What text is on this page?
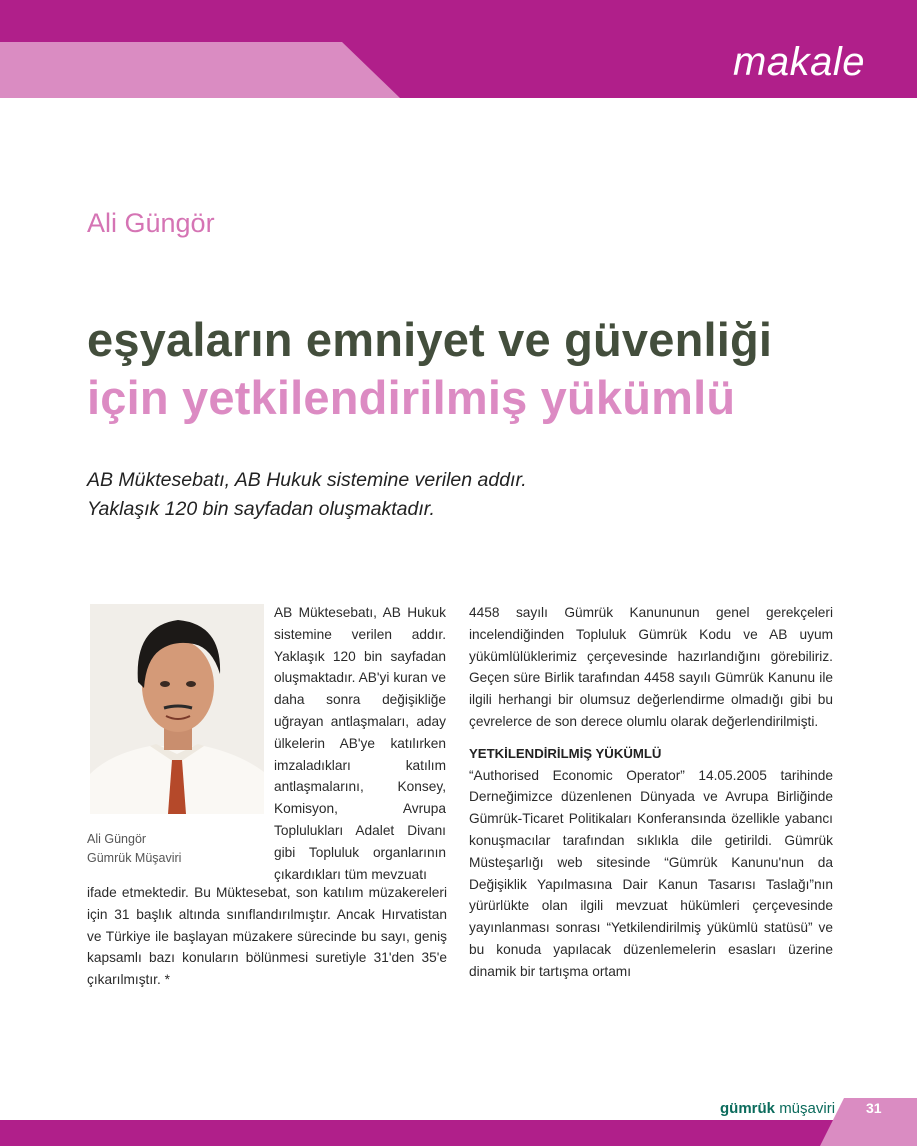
makale
Ali Güngör
eşyaların emniyet ve güvenliği
için yetkilendirilmiş yükümlü
AB Müktesebatı, AB Hukuk sistemine verilen addır.
Yaklaşık 120 bin sayfadan oluşmaktadır.
Ali Güngör
Gümrük Müşaviri
AB Müktesebatı, AB Hukuk sistemine verilen addır. Yaklaşık 120 bin sayfadan oluşmaktadır. AB'yi kuran ve daha sonra değişikliğe uğrayan antlaşmaları, aday ülkelerin AB'ye katılırken imzaladıkları katılım antlaşmalarını, Konsey, Komisyon, Avrupa Toplulukları Adalet Divanı gibi Topluluk organlarının çıkardıkları tüm mevzuatı
ifade etmektedir. Bu Müktesebat, son katılım müzakereleri için 31 başlık altında sınıflandırılmıştır. Ancak Hırvatistan ve Türkiye ile başlayan müzakere sürecinde bu sayı, geniş kapsamlı bazı konuların bölünmesi suretiyle 31'den 35'e çıkarılmıştır. *

4458 sayılı Gümrük Kanununun genel gerekçeleri incelendiğinden Topluluk Gümrük Kodu ve AB uyum yükümlülüklerimiz çerçevesinde hazırlandığını görebiliriz. Geçen süre Birlik tarafından 4458 sayılı Gümrük Kanunu ile ilgili herhangi bir olumsuz değerlendirme olmadığı gibi bu çevrelerce de son derece olumlu olarak değerlendirilmişti.

YETKİLENDİRİLMİŞ YÜKÜMLÜ

“Authorised Economic Operator” 14.05.2005 tarihinde Derneğimizce düzenlenen Dünyada ve Avrupa Birliğinde Gümrük-Ticaret Politikaları Konferansında özellikle yabancı konuşmacılar tarafından sıklıkla dile getirildi. Gümrük Müsteşarlığı web sitesinde “Gümrük Kanunu'nun da Değişiklik Yapılmasına Dair Kanun Tasarısı Taslağı”nın yürürlükte olan ilgili mevzuat hükümleri çerçevesinde yayınlanması sonrası “Yetkilendirilmiş yükümlü statüsü” ve bu konuda yapılacak düzenlemelerin esasları üzerine dinamik bir tartışma ortamı

gümrük müşaviri 31
